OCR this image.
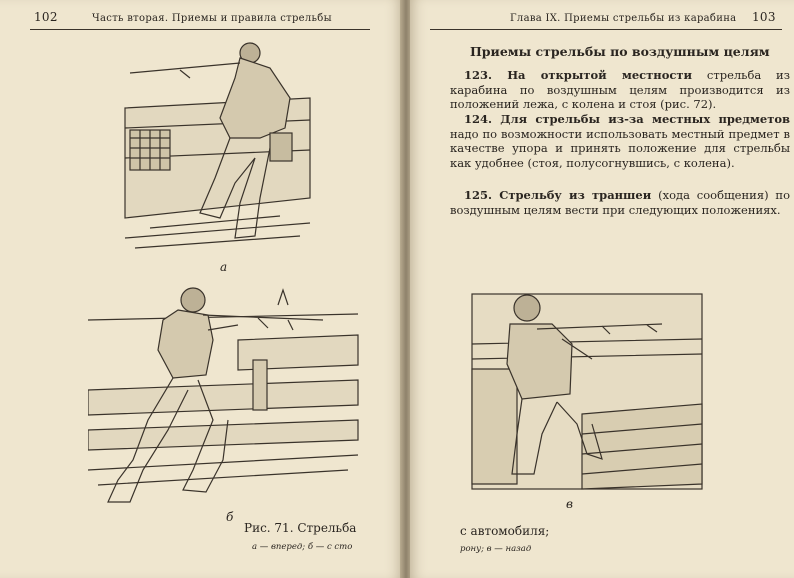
102	Часть вторая. Приемы и правила стрельбы
а
б
Рис. 71. Стрельба
а — вперед; б — с сто
Глава IX. Приемы стрельбы из карабина 103
Приемы стрельбы по воздушным целям
123. На открытой местности стрельба из карабина по воздушным целям производится из положений лежа, с колена и стоя (рис. 72).
124. Для стрельбы из-за местных предметов надо по возможности использовать местный предмет в качестве упора и принять положение для стрельбы как удобнее (стоя, полусогнувшись, с колена).
125. Стрельбу из траншеи (хода сообщения) по воздушным целям вести при следующих положениях.
в
с автомобиля;
рону; в — назад
